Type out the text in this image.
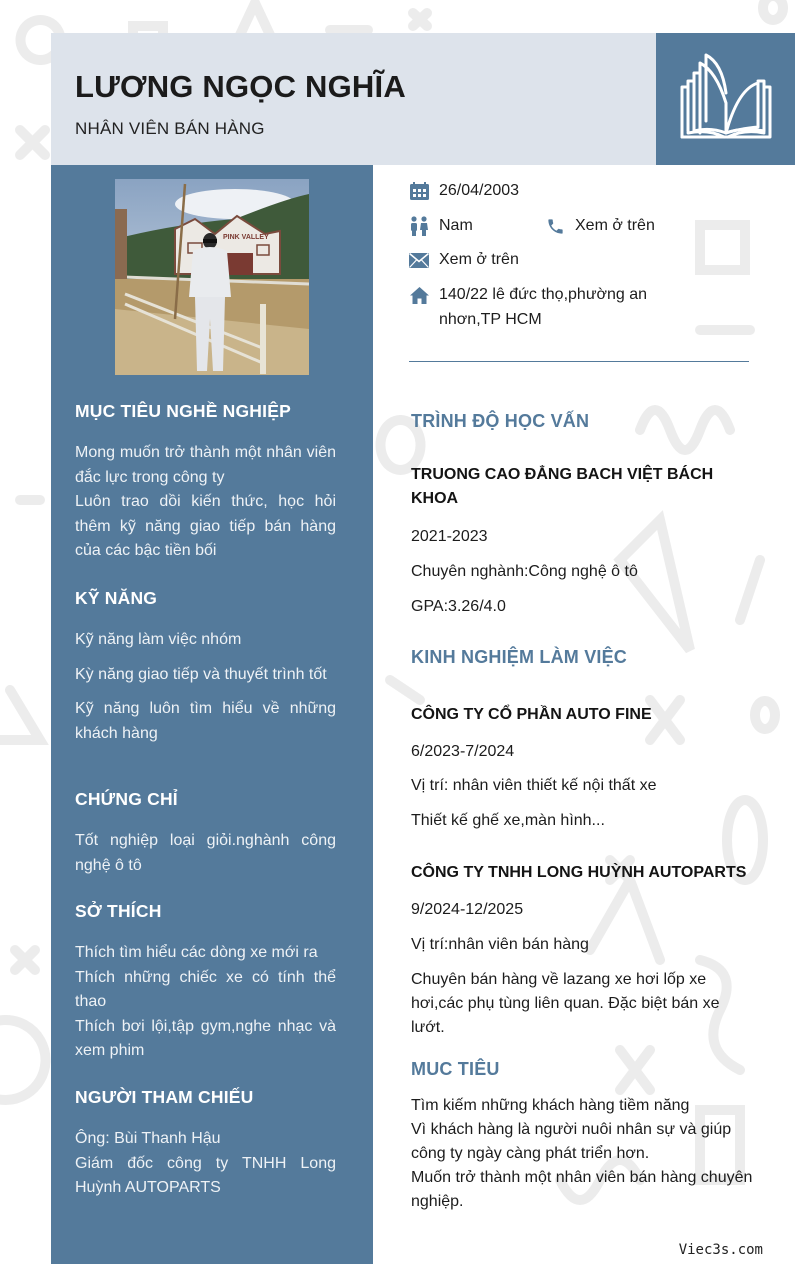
LƯƠNG NGỌC NGHĨA
NHÂN VIÊN BÁN HÀNG
PINK VALLEY
MỤC TIÊU NGHỀ NGHIỆP

Mong muốn trở thành một nhân viên đắc lực trong công ty

Luôn trao dồi kiến thức, học hỏi thêm kỹ năng giao tiếp bán hàng của các bậc tiền bối

KỸ NĂNG

Kỹ năng làm việc nhóm

Kỳ năng giao tiếp và thuyết trình tốt

Kỹ năng luôn tìm hiểu về những khách hàng

CHỨNG CHỈ

Tốt nghiệp loại giỏi.nghành công nghệ ô tô

SỞ THÍCH

Thích tìm hiểu các dòng xe mới ra

Thích những chiếc xe có tính thể thao

Thích bơi lội,tập gym,nghe nhạc và xem phim

NGƯỜI THAM CHIẾU

Ông: Bùi Thanh Hậu

Giám đốc công ty TNHH Long Huỳnh AUTOPARTS

26/04/2003
Nam	Xem ở trên
Xem ở trên
140/22 lê đức thọ,phường an
nhơn,TP HCM
TRÌNH ĐỘ HỌC VẤN
TRUONG CAO ĐẲNG BACH VIỆT BÁCH KHOA
2021-2023
Chuyên nghành:Công nghệ ô tô
GPA:3.26/4.0
KINH NGHIỆM LÀM VIỆC
CÔNG TY CỔ PHẦN AUTO FINE
6/2023-7/2024
Vị trí: nhân viên thiết kế nội thất xe
Thiết kế ghế xe,màn hình...
CÔNG TY TNHH LONG HUỲNH AUTOPARTS
9/2024-12/2025
Vị trí:nhân viên bán hàng
Chuyên bán hàng về lazang xe hơi lốp xe hơi,các phụ tùng liên quan. Đặc biệt bán xe lướt.
MUC TIÊU
Tìm kiếm những khách hàng tiềm năng
Vì khách hàng là người nuôi nhân sự và giúp công ty ngày càng phát triển hơn.
Muốn trở thành một nhân viên bán hàng chuyên nghiệp.
Viec3s.com
